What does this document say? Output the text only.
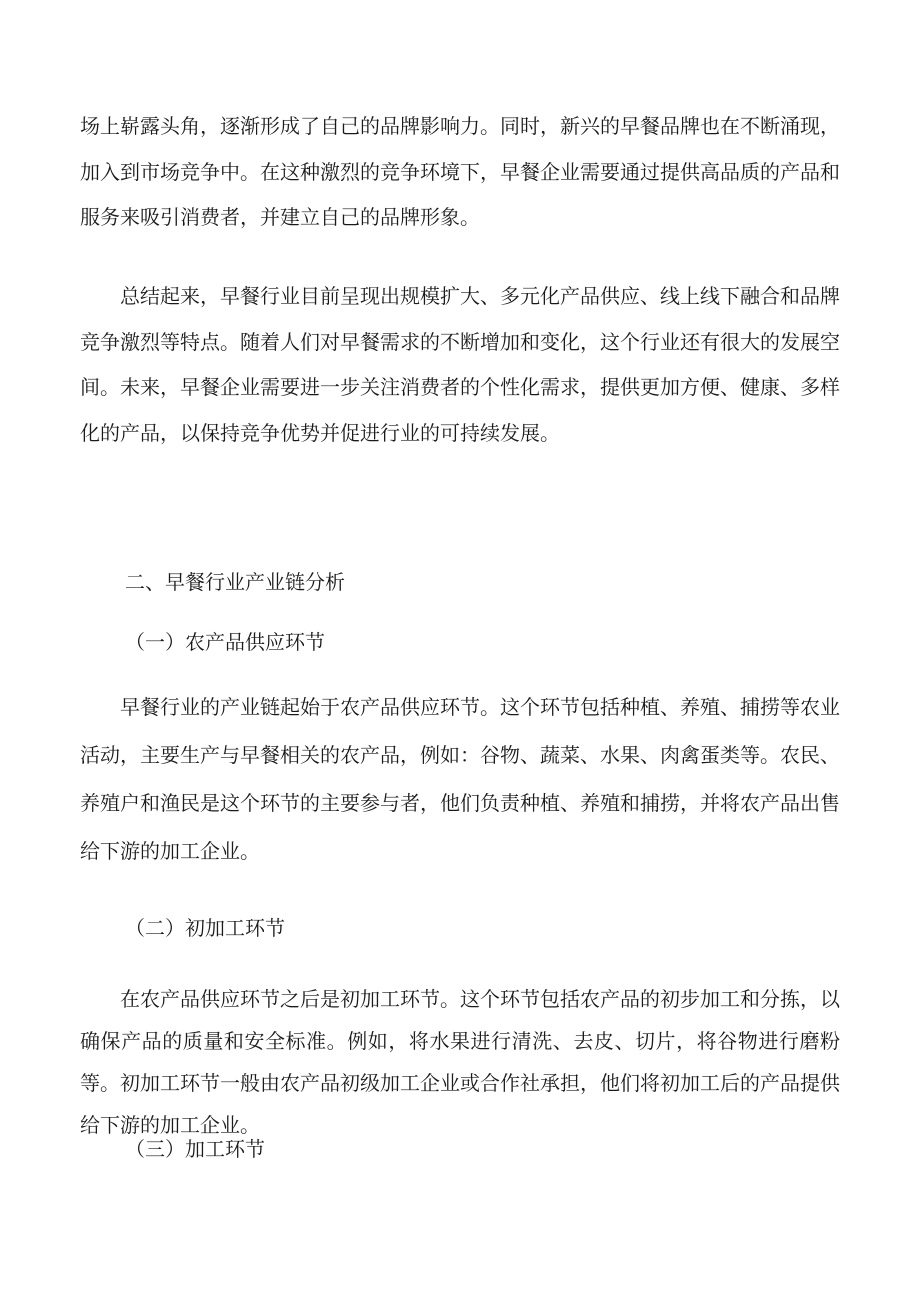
场上崭露头角，逐渐形成了自己的品牌影响力。同时，新兴的早餐品牌也在不断涌现，加入到市场竞争中。在这种激烈的竞争环境下，早餐企业需要通过提供高品质的产品和服务来吸引消费者，并建立自己的品牌形象。

总结起来，早餐行业目前呈现出规模扩大、多元化产品供应、线上线下融合和品牌竞争激烈等特点。随着人们对早餐需求的不断增加和变化，这个行业还有很大的发展空间。未来，早餐企业需要进一步关注消费者的个性化需求，提供更加方便、健康、多样化的产品，以保持竞争优势并促进行业的可持续发展。

二、早餐行业产业链分析
（一）农产品供应环节

早餐行业的产业链起始于农产品供应环节。这个环节包括种植、养殖、捕捞等农业活动，主要生产与早餐相关的农产品，例如：谷物、蔬菜、水果、肉禽蛋类等。农民、养殖户和渔民是这个环节的主要参与者，他们负责种植、养殖和捕捞，并将农产品出售给下游的加工企业。

（二）初加工环节

在农产品供应环节之后是初加工环节。这个环节包括农产品的初步加工和分拣，以确保产品的质量和安全标准。例如，将水果进行清洗、去皮、切片，将谷物进行磨粉等。初加工环节一般由农产品初级加工企业或合作社承担，他们将初加工后的产品提供给下游的加工企业。

（三）加工环节
